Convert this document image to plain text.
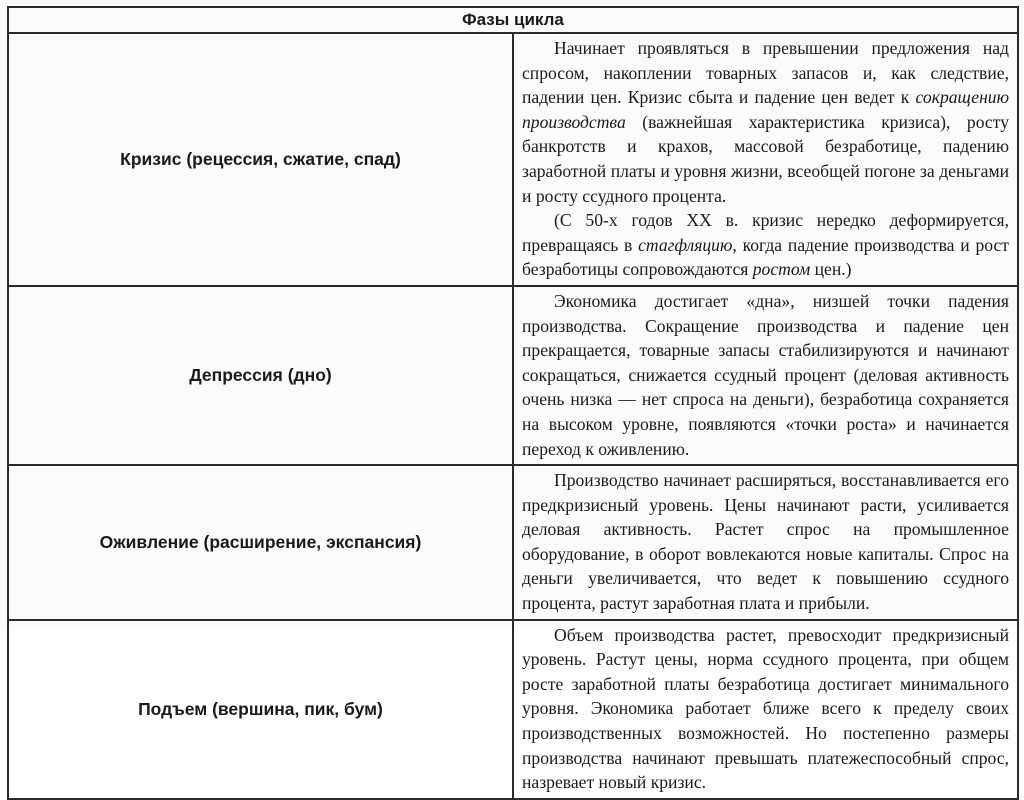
Фазы цикла	
Кризис (рецессия, сжатие, спад)	Начинает проявляться в превышении предложения над спросом, накоплении товарных запасов и, как следствие, падении цен. Кризис сбыта и падение цен ведет к сокращению производства (важнейшая характеристика кризиса), росту банкротств и крахов, массовой безработице, падению заработной платы и уровня жизни, всеобщей погоне за деньгами и росту ссудного процента.

(С 50-х годов XX в. кризис нередко деформируется, превращаясь в стагфляцию, когда падение производства и рост безработицы сопровождаются ростом цен.)

Депрессия (дно)	Экономика достигает «дна», низшей точки падения производства. Сокращение производства и падение цен прекращается, товарные запасы стабилизируются и начинают сокращаться, снижается ссудный процент (деловая активность очень низка — нет спроса на деньги), безработица сохраняется на высоком уровне, появляются «точки роста» и начинается переход к оживлению.

Оживление (расширение, экспансия)	Производство начинает расширяться, восстанавливается его предкризисный уровень. Цены начинают расти, усиливается деловая активность. Растет спрос на промышленное оборудование, в оборот вовлекаются новые капиталы. Спрос на деньги увеличивается, что ведет к повышению ссудного процента, растут заработная плата и прибыли.

Подъем (вершина, пик, бум)	Объем производства растет, превосходит предкризисный уровень. Растут цены, норма ссудного процента, при общем росте заработной платы безработица достигает минимального уровня. Экономика работает ближе всего к пределу своих производственных возможностей. Но постепенно размеры производства начинают превышать платежеспособный спрос, назревает новый кризис.
